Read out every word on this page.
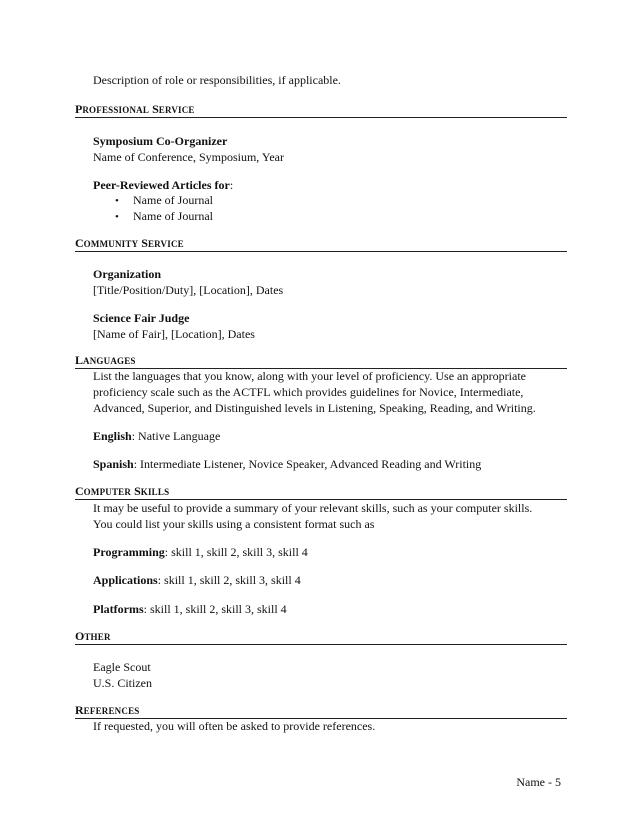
Description of role or responsibilities, if applicable.
PROFESSIONAL SERVICE
Symposium Co-Organizer
Name of Conference, Symposium, Year
Peer-Reviewed Articles for:
• Name of Journal
• Name of Journal
COMMUNITY SERVICE
Organization
[Title/Position/Duty], [Location], Dates
Science Fair Judge
[Name of Fair], [Location], Dates
LANGUAGES
List the languages that you know, along with your level of proficiency. Use an appropriate
proficiency scale such as the ACTFL which provides guidelines for Novice, Intermediate,
Advanced, Superior, and Distinguished levels in Listening, Speaking, Reading, and Writing.
English: Native Language
Spanish: Intermediate Listener, Novice Speaker, Advanced Reading and Writing
COMPUTER SKILLS
It may be useful to provide a summary of your relevant skills, such as your computer skills.
You could list your skills using a consistent format such as
Programming: skill 1, skill 2, skill 3, skill 4
Applications: skill 1, skill 2, skill 3, skill 4
Platforms: skill 1, skill 2, skill 3, skill 4
OTHER
Eagle Scout
U.S. Citizen
REFERENCES
If requested, you will often be asked to provide references.
Name - 5
